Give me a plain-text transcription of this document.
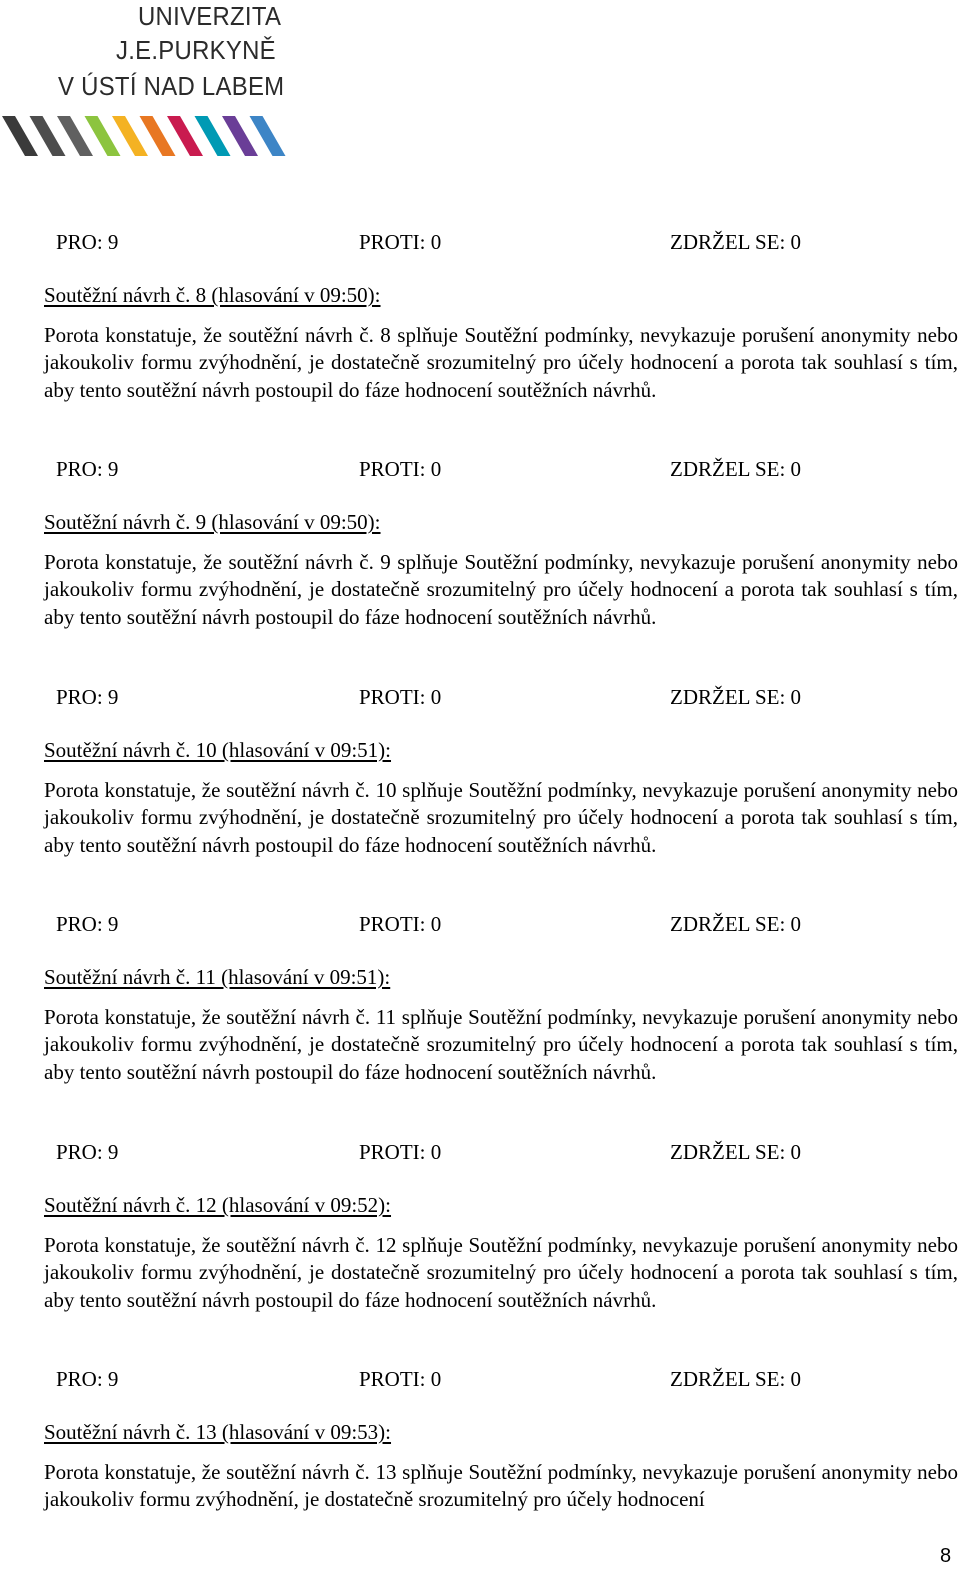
UNIVERZITA

J.E.PURKYNĚ

V ÚSTÍ NAD LABEM

PRO: 9	PROTI: 0	ZDRŽEL SE: 0

Soutěžní návrh č. 8 (hlasování v 09:50):

Porota konstatuje, že soutěžní návrh č. 8 splňuje Soutěžní podmínky, nevykazuje porušení anonymity nebo jakoukoliv formu zvýhodnění, je dostatečně srozumitelný pro účely hodnocení a porota tak souhlasí s tím, aby tento soutěžní návrh postoupil do fáze hodnocení soutěžních návrhů.

PRO: 9	PROTI: 0	ZDRŽEL SE: 0

Soutěžní návrh č. 9 (hlasování v 09:50):

Porota konstatuje, že soutěžní návrh č. 9 splňuje Soutěžní podmínky, nevykazuje porušení anonymity nebo jakoukoliv formu zvýhodnění, je dostatečně srozumitelný pro účely hodnocení a porota tak souhlasí s tím, aby tento soutěžní návrh postoupil do fáze hodnocení soutěžních návrhů.

PRO: 9	PROTI: 0	ZDRŽEL SE: 0

Soutěžní návrh č. 10 (hlasování v 09:51):

Porota konstatuje, že soutěžní návrh č. 10 splňuje Soutěžní podmínky, nevykazuje porušení anonymity nebo jakoukoliv formu zvýhodnění, je dostatečně srozumitelný pro účely hodnocení a porota tak souhlasí s tím, aby tento soutěžní návrh postoupil do fáze hodnocení soutěžních návrhů.

PRO: 9	PROTI: 0	ZDRŽEL SE: 0

Soutěžní návrh č. 11 (hlasování v 09:51):

Porota konstatuje, že soutěžní návrh č. 11 splňuje Soutěžní podmínky, nevykazuje porušení anonymity nebo jakoukoliv formu zvýhodnění, je dostatečně srozumitelný pro účely hodnocení a porota tak souhlasí s tím, aby tento soutěžní návrh postoupil do fáze hodnocení soutěžních návrhů.

PRO: 9	PROTI: 0	ZDRŽEL SE: 0

Soutěžní návrh č. 12 (hlasování v 09:52):

Porota konstatuje, že soutěžní návrh č. 12 splňuje Soutěžní podmínky, nevykazuje porušení anonymity nebo jakoukoliv formu zvýhodnění, je dostatečně srozumitelný pro účely hodnocení a porota tak souhlasí s tím, aby tento soutěžní návrh postoupil do fáze hodnocení soutěžních návrhů.

PRO: 9	PROTI: 0	ZDRŽEL SE: 0

Soutěžní návrh č. 13 (hlasování v 09:53):

Porota konstatuje, že soutěžní návrh č. 13 splňuje Soutěžní podmínky, nevykazuje porušení anonymity nebo jakoukoliv formu zvýhodnění, je dostatečně srozumitelný pro účely hodnocení

8
